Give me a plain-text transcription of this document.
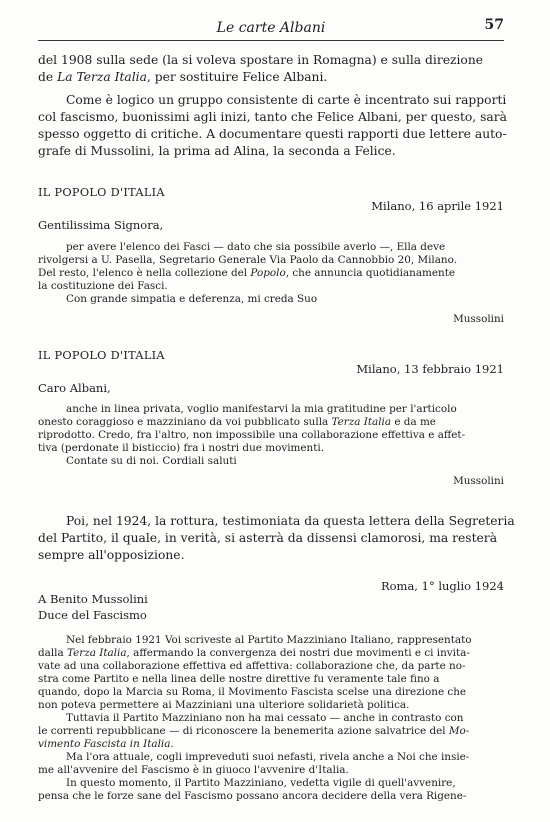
Le carte Albani	57
del 1908 sulla sede (la si voleva spostare in Romagna) e sulla direzione
de La Terza Italia, per sostituire Felice Albani.
Come è logico un gruppo consistente di carte è incentrato sui rapporti
col fascismo, buonissimi agli inizi, tanto che Felice Albani, per questo, sarà
spesso oggetto di critiche. A documentare questi rapporti due lettere auto-
grafe di Mussolini, la prima ad Alina, la seconda a Felice.
IL POPOLO D'ITALIA
Milano, 16 aprile 1921
Gentilissima Signora,
per avere l'elenco dei Fasci — dato che sia possibile averlo —, Ella deve
rivolgersi a U. Pasella, Segretario Generale Via Paolo da Cannobbio 20, Milano.
Del resto, l'elenco è nella collezione del Popolo, che annuncia quotidianamente
la costituzione dei Fasci.
Con grande simpatia e deferenza, mi creda Suo
Mussolini
IL POPOLO D'ITALIA
Milano, 13 febbraio 1921
Caro Albani,
anche in linea privata, voglio manifestarvi la mia gratitudine per l'articolo
onesto coraggioso e mazziniano da voi pubblicato sulla Terza Italia e da me
riprodotto. Credo, fra l'altro, non impossibile una collaborazione effettiva e affet-
tiva (perdonate il bisticcio) fra i nostri due movimenti.
Contate su di noi. Cordiali saluti
Mussolini
Poi, nel 1924, la rottura, testimoniata da questa lettera della Segreteria
del Partito, il quale, in verità, si asterrà da dissensi clamorosi, ma resterà
sempre all'opposizione.
Roma, 1° luglio 1924
A Benito Mussolini
Duce del Fascismo
Nel febbraio 1921 Voi scriveste al Partito Mazziniano Italiano, rappresentato
dalla Terza Italia, affermando la convergenza dei nostri due movimenti e ci invita-
vate ad una collaborazione effettiva ed affettiva: collaborazione che, da parte no-
stra come Partito e nella linea delle nostre direttive fu veramente tale fino a
quando, dopo la Marcia su Roma, il Movimento Fascista scelse una direzione che
non poteva permettere ai Mazziniani una ulteriore solidarietà politica.
Tuttavia il Partito Mazziniano non ha mai cessato — anche in contrasto con
le correnti repubblicane — di riconoscere la benemerita azione salvatrice del Mo-
vimento Fascista in Italia.
Ma l'ora attuale, cogli impreveduti suoi nefasti, rivela anche a Noi che insie-
me all'avvenire del Fascismo è in giuoco l'avvenire d'Italia.
In questo momento, il Partito Mazziniano, vedetta vigile di quell'avvenire,
pensa che le forze sane del Fascismo possano ancora decidere della vera Rigene-
